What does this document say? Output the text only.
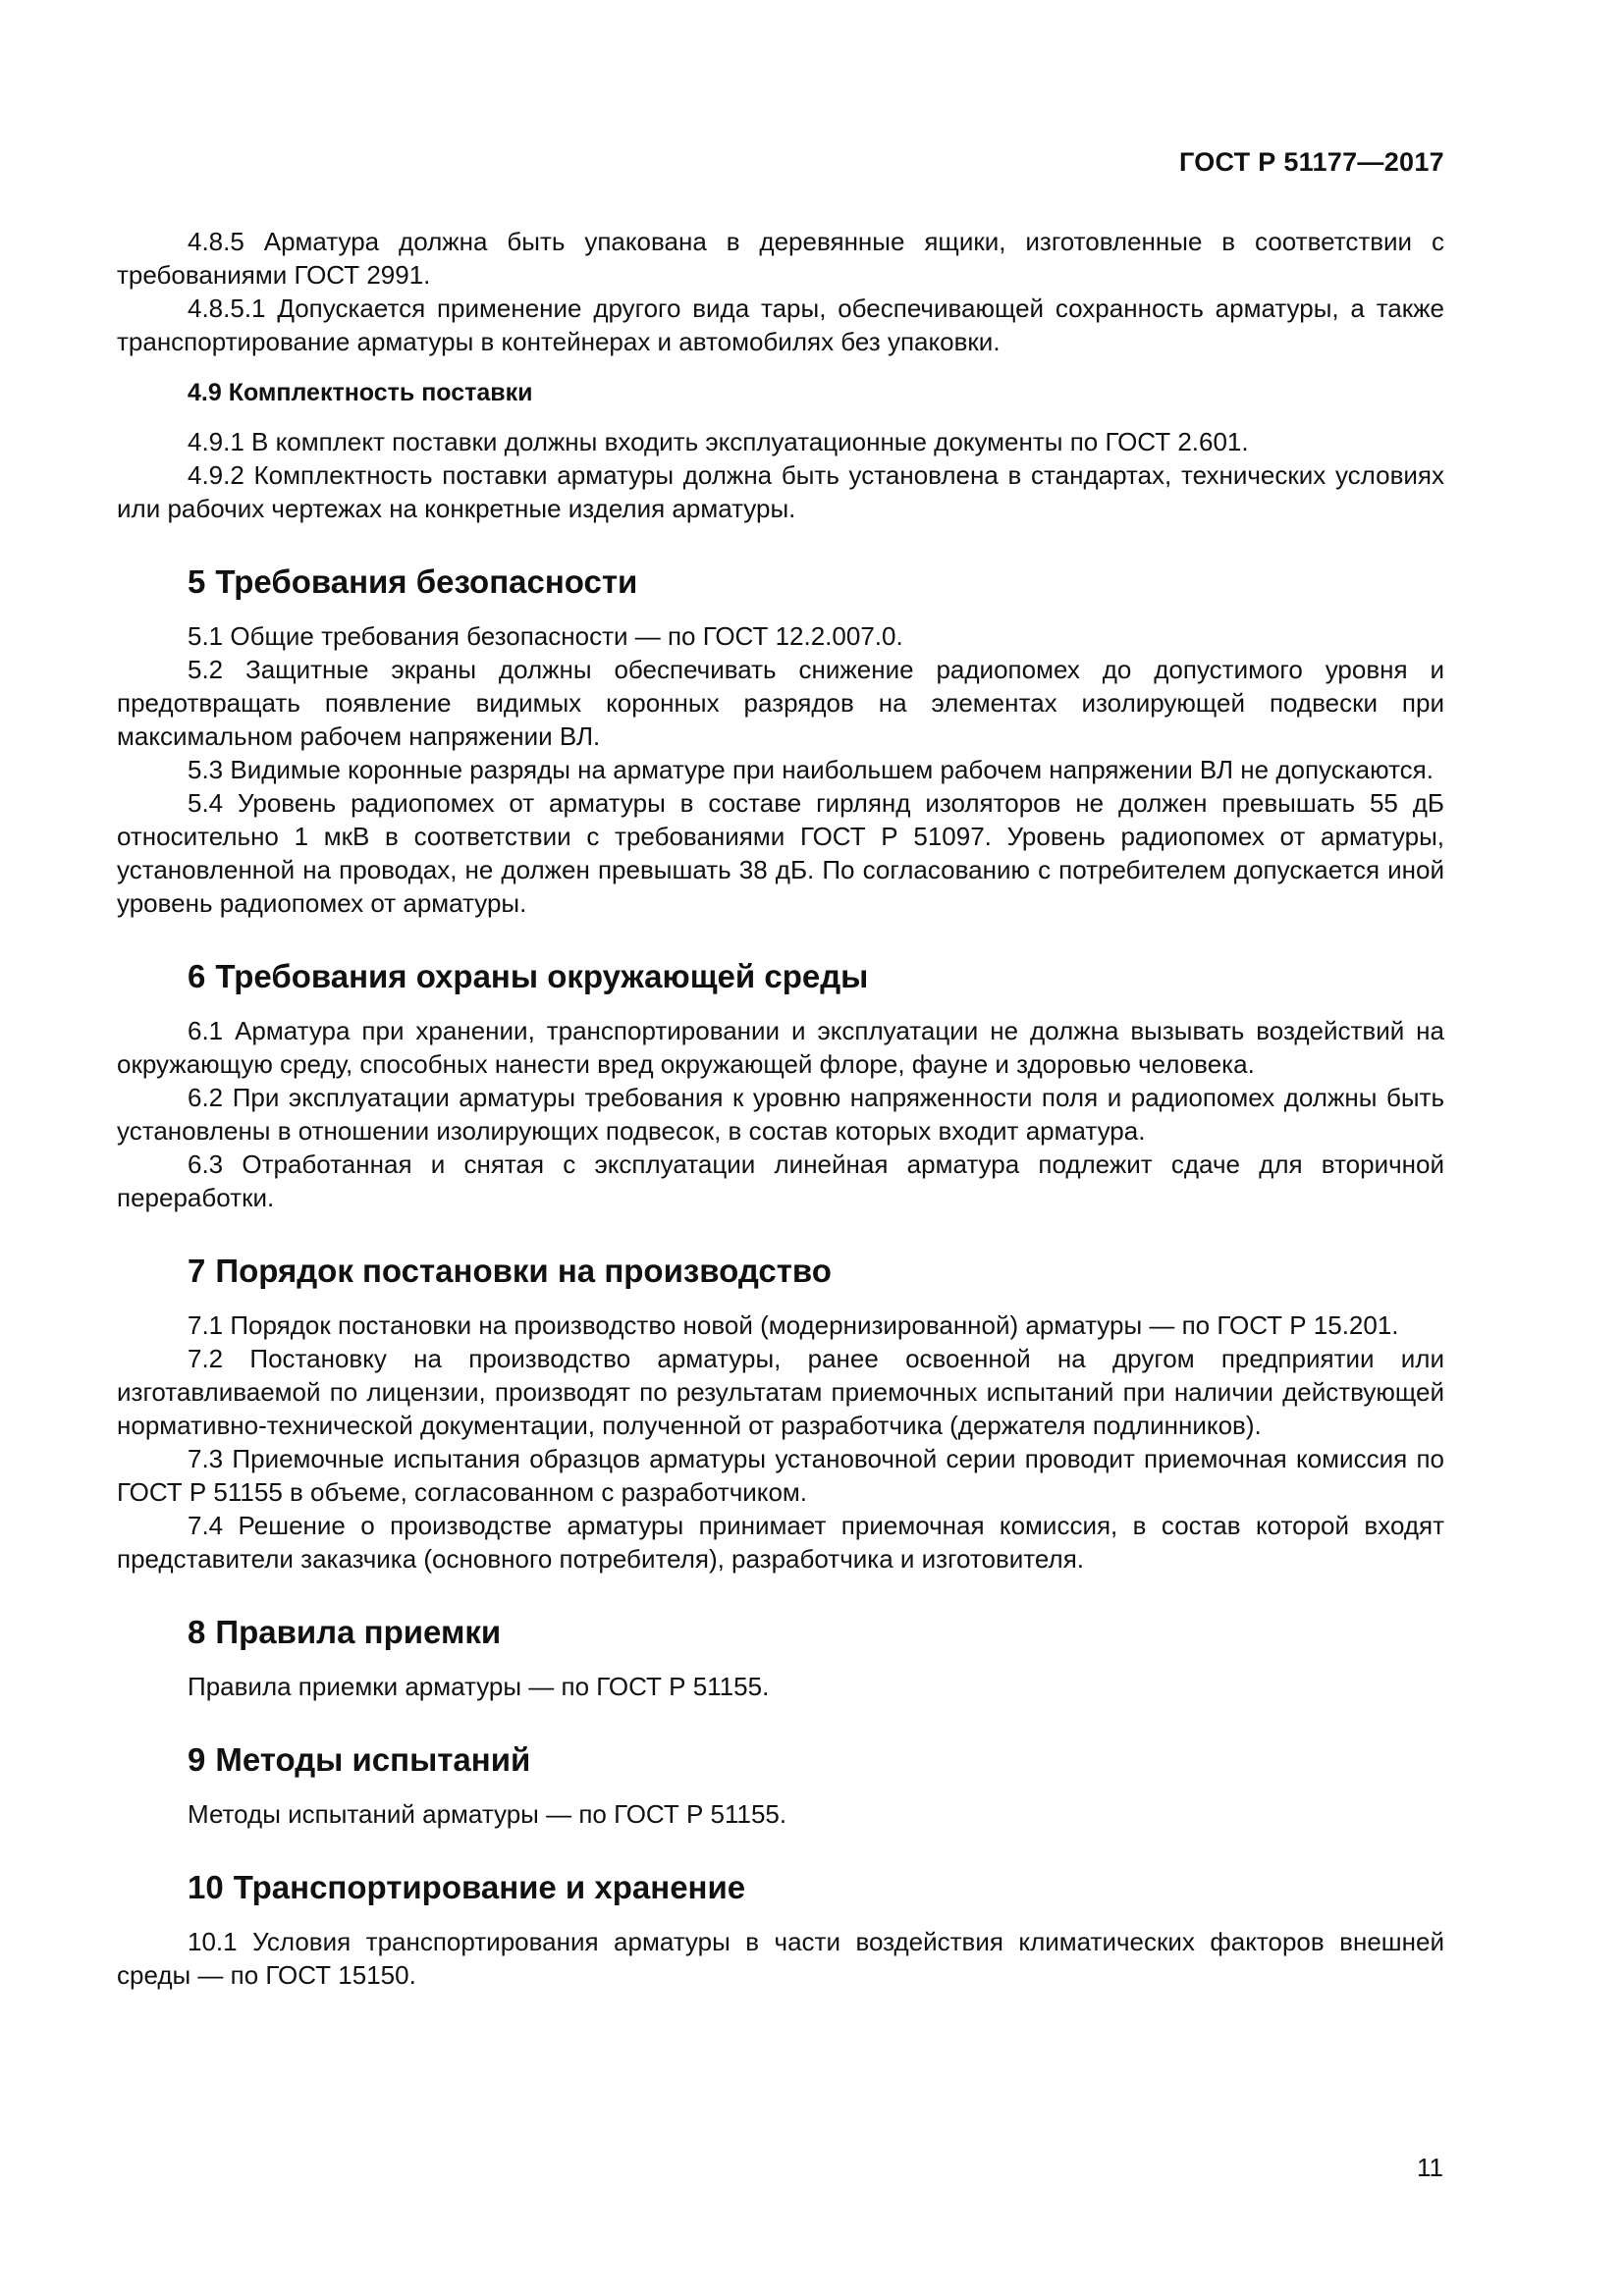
ГОСТ Р 51177—2017

4.8.5 Арматура должна быть упакована в деревянные ящики, изготовленные в соответствии с требованиями ГОСТ 2991.

4.8.5.1 Допускается применение другого вида тары, обеспечивающей сохранность арматуры, а также транспортирование арматуры в контейнерах и автомобилях без упаковки.

4.9 Комплектность поставки

4.9.1 В комплект поставки должны входить эксплуатационные документы по ГОСТ 2.601.

4.9.2 Комплектность поставки арматуры должна быть установлена в стандартах, технических условиях или рабочих чертежах на конкретные изделия арматуры.

5 Требования безопасности

5.1 Общие требования безопасности — по ГОСТ 12.2.007.0.

5.2 Защитные экраны должны обеспечивать снижение радиопомех до допустимого уровня и предотвращать появление видимых коронных разрядов на элементах изолирующей подвески при максимальном рабочем напряжении ВЛ.

5.3 Видимые коронные разряды на арматуре при наибольшем рабочем напряжении ВЛ не допускаются.

5.4 Уровень радиопомех от арматуры в составе гирлянд изоляторов не должен превышать 55 дБ относительно 1 мкВ в соответствии с требованиями ГОСТ Р 51097. Уровень радиопомех от арматуры, установленной на проводах, не должен превышать 38 дБ. По согласованию с потребителем допускается иной уровень радиопомех от арматуры.

6 Требования охраны окружающей среды

6.1 Арматура при хранении, транспортировании и эксплуатации не должна вызывать воздействий на окружающую среду, способных нанести вред окружающей флоре, фауне и здоровью человека.

6.2 При эксплуатации арматуры требования к уровню напряженности поля и радиопомех должны быть установлены в отношении изолирующих подвесок, в состав которых входит арматура.

6.3 Отработанная и снятая с эксплуатации линейная арматура подлежит сдаче для вторичной переработки.

7 Порядок постановки на производство

7.1 Порядок постановки на производство новой (модернизированной) арматуры — по ГОСТ Р 15.201.

7.2 Постановку на производство арматуры, ранее освоенной на другом предприятии или изготавливаемой по лицензии, производят по результатам приемочных испытаний при наличии действующей нормативно-технической документации, полученной от разработчика (держателя подлинников).

7.3 Приемочные испытания образцов арматуры установочной серии проводит приемочная комиссия по ГОСТ Р 51155 в объеме, согласованном с разработчиком.

7.4 Решение о производстве арматуры принимает приемочная комиссия, в состав которой входят представители заказчика (основного потребителя), разработчика и изготовителя.

8 Правила приемки

Правила приемки арматуры — по ГОСТ Р 51155.

9 Методы испытаний

Методы испытаний арматуры — по ГОСТ Р 51155.

10 Транспортирование и хранение

10.1 Условия транспортирования арматуры в части воздействия климатических факторов внешней среды — по ГОСТ 15150.

11
